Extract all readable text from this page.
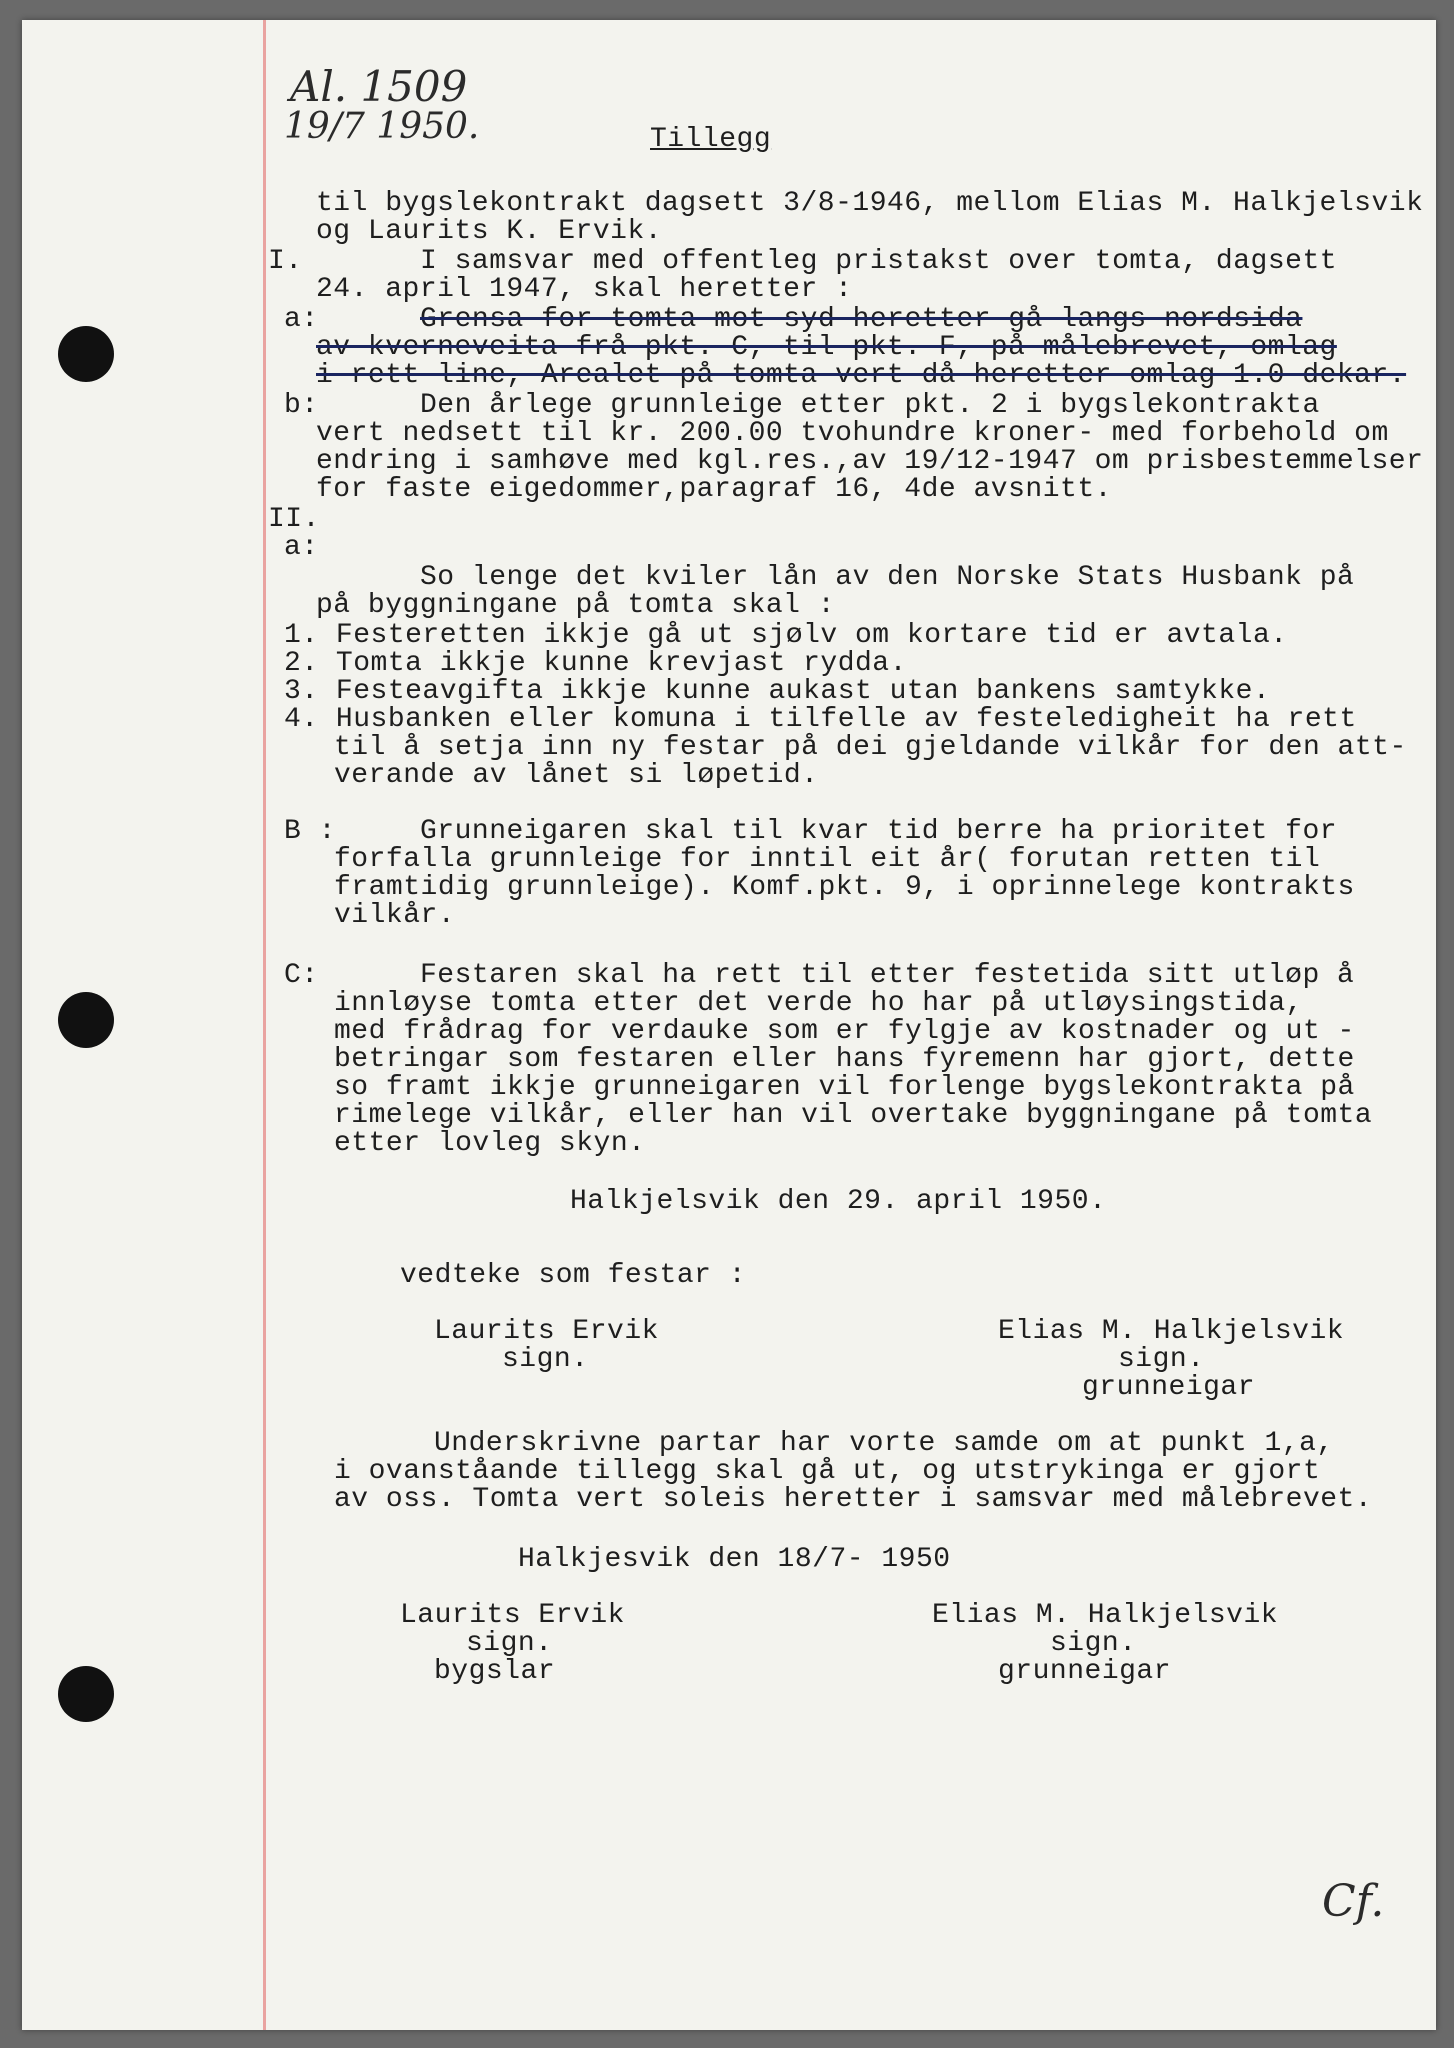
Al. 1509
19/7 1950.
Cf.
Tillegg
til bygslekontrakt dagsett 3/8-1946, mellom Elias M. Halkjelsvik
og Laurits K. Ervik.
I.	I samsvar med offentleg pristakst over tomta, dagsett
24. april 1947, skal heretter :
a:	Grensa for tomta mot syd heretter gå langs nordsida
av kverneveita frå pkt. C, til pkt. F, på målebrevet, omlag
i rett line, Arealet på tomta vert då heretter omlag 1.0 dekar.
b:	Den årlege grunnleige etter pkt. 2 i bygslekontrakta
vert nedsett til kr. 200.00 tvohundre kroner- med forbehold om
endring i samhøve med kgl.res.,av 19/12-1947 om prisbestemmelser
for faste eigedommer,paragraf 16, 4de avsnitt.
II.
a:
So lenge det kviler lån av den Norske Stats Husbank på
på byggningane på tomta skal :
1. Festeretten ikkje gå ut sjølv om kortare tid er avtala.
2. Tomta ikkje kunne krevjast rydda.
3. Festeavgifta ikkje kunne aukast utan bankens samtykke.
4. Husbanken eller komuna i tilfelle av festeledigheit ha rett
til å setja inn ny festar på dei gjeldande vilkår for den att-
verande av lånet si løpetid.
B :	Grunneigaren skal til kvar tid berre ha prioritet for
forfalla grunnleige for inntil eit år( forutan retten til
framtidig grunnleige). Komf.pkt. 9, i oprinnelege kontrakts
vilkår.
C:	Festaren skal ha rett til etter festetida sitt utløp å
innløyse tomta etter det verde ho har på utløysingstida,
med frådrag for verdauke som er fylgje av kostnader og ut -
betringar som festaren eller hans fyremenn har gjort, dette
so framt ikkje grunneigaren vil forlenge bygslekontrakta på
rimelege vilkår, eller han vil overtake byggningane på tomta
etter lovleg skyn.
Halkjelsvik den 29. april 1950.
vedteke som festar :
Laurits Ervik
sign.
Elias M. Halkjelsvik
sign.
grunneigar
Underskrivne partar har vorte samde om at punkt 1,a,
i ovanståande tillegg skal gå ut, og utstrykinga er gjort
av oss. Tomta vert soleis heretter i samsvar med målebrevet.
Halkjesvik den 18/7- 1950
Laurits Ervik
sign.
bygslar
Elias M. Halkjelsvik
sign.
grunneigar
